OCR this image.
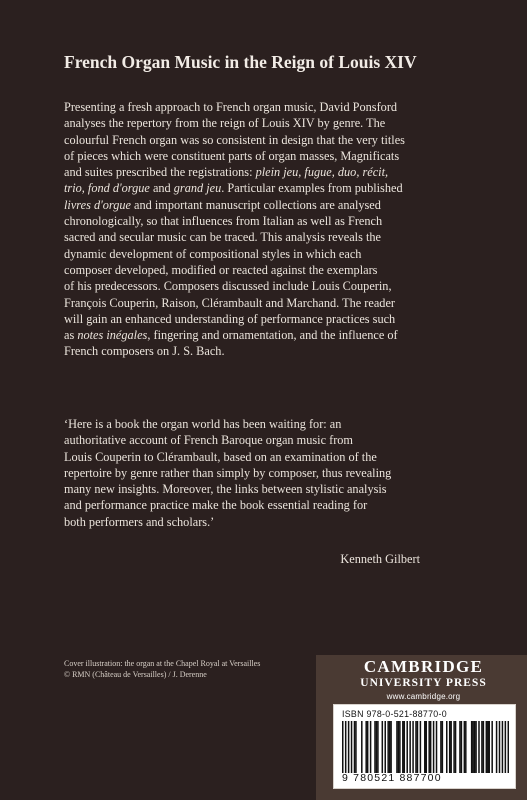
French Organ Music in the Reign of Louis XIV
Presenting a fresh approach to French organ music, David Ponsford
analyses the repertory from the reign of Louis XIV by genre. The
colourful French organ was so consistent in design that the very titles
of pieces which were constituent parts of organ masses, Magnificats
and suites prescribed the registrations: plein jeu, fugue, duo, récit,
trio, fond d'orgue and grand jeu. Particular examples from published
livres d'orgue and important manuscript collections are analysed
chronologically, so that influences from Italian as well as French
sacred and secular music can be traced. This analysis reveals the
dynamic development of compositional styles in which each
composer developed, modified or reacted against the exemplars
of his predecessors. Composers discussed include Louis Couperin,
François Couperin, Raison, Clérambault and Marchand. The reader
will gain an enhanced understanding of performance practices such
as notes inégales, fingering and ornamentation, and the influence of
French composers on J. S. Bach.
‘Here is a book the organ world has been waiting for: an
authoritative account of French Baroque organ music from
Louis Couperin to Clérambault, based on an examination of the
repertoire by genre rather than simply by composer, thus revealing
many new insights. Moreover, the links between stylistic analysis
and performance practice make the book essential reading for
both performers and scholars.’
Kenneth Gilbert
Cover illustration: the organ at the Chapel Royal at Versailles
© RMN (Château de Versailles) / J. Derenne	CAMBRIDGE
UNIVERSITY PRESS
www.cambridge.org
ISBN 978-0-521-88770-0
9 780521 887700
